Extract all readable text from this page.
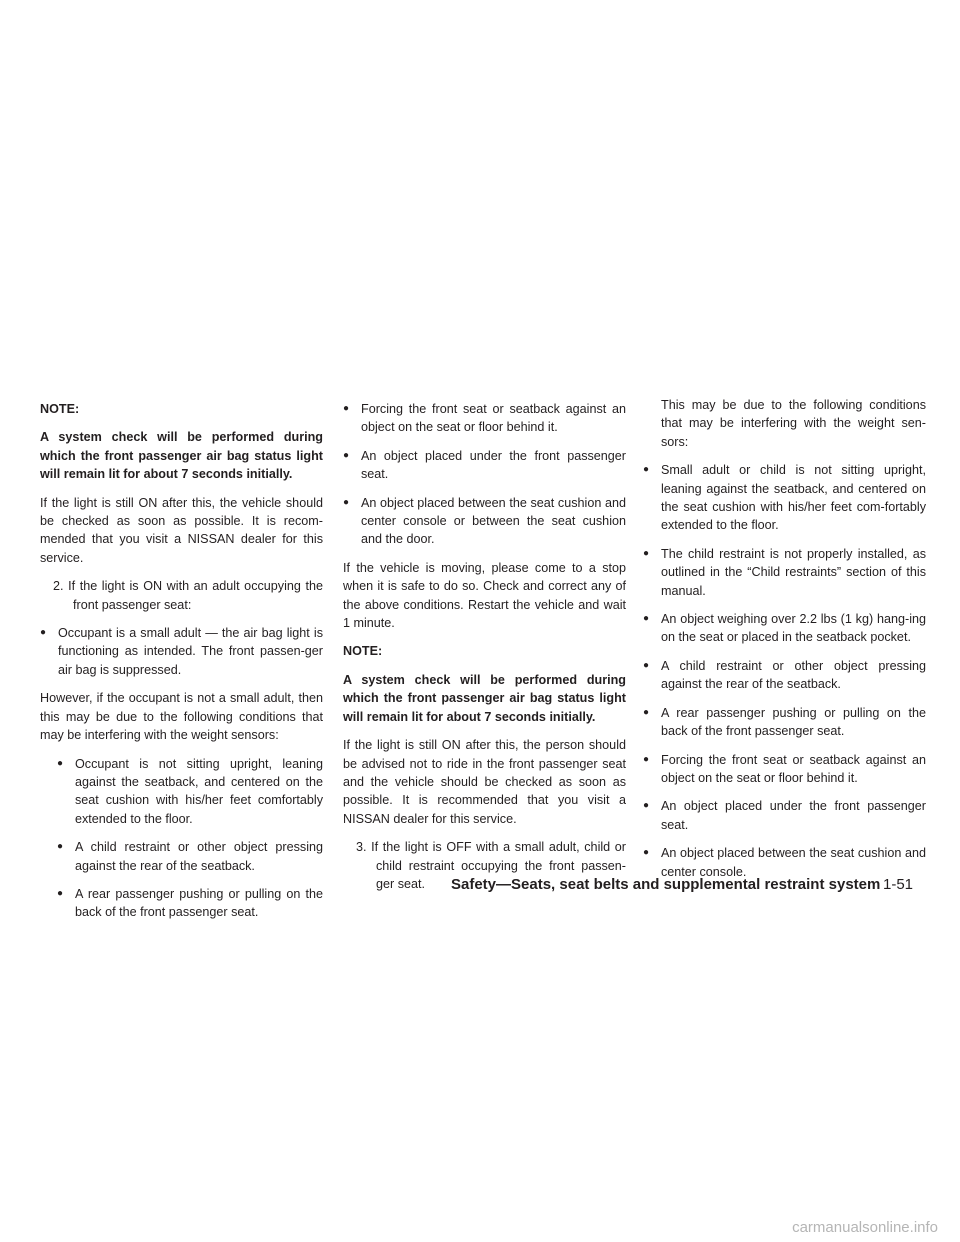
NOTE:

A system check will be performed during which the front passenger air bag status light will remain lit for about 7 seconds initially.

If the light is still ON after this, the vehicle should be checked as soon as possible. It is recom-mended that you visit a NISSAN dealer for this service.

2. If the light is ON with an adult occupying the front passenger seat:

● Occupant is a small adult — the air bag light is functioning as intended. The front passen-ger air bag is suppressed.

However, if the occupant is not a small adult, then this may be due to the following conditions that may be interfering with the weight sensors:

● Occupant is not sitting upright, leaning against the seatback, and centered on the seat cushion with his/her feet comfortably extended to the floor.

● A child restraint or other object pressing against the rear of the seatback.

● A rear passenger pushing or pulling on the back of the front passenger seat.

● Forcing the front seat or seatback against an object on the seat or floor behind it.

● An object placed under the front passenger seat.

● An object placed between the seat cushion and center console or between the seat cushion and the door.

If the vehicle is moving, please come to a stop when it is safe to do so. Check and correct any of the above conditions. Restart the vehicle and wait 1 minute.

NOTE:

A system check will be performed during which the front passenger air bag status light will remain lit for about 7 seconds initially.

If the light is still ON after this, the person should be advised not to ride in the front passenger seat and the vehicle should be checked as soon as possible. It is recommended that you visit a NISSAN dealer for this service.

3. If the light is OFF with a small adult, child or child restraint occupying the front passen-ger seat.

This may be due to the following conditions that may be interfering with the weight sen-sors:

● Small adult or child is not sitting upright, leaning against the seatback, and centered on the seat cushion with his/her feet com-fortably extended to the floor.

● The child restraint is not properly installed, as outlined in the “Child restraints” section of this manual.

● An object weighing over 2.2 lbs (1 kg) hang-ing on the seat or placed in the seatback pocket.

● A child restraint or other object pressing against the rear of the seatback.

● A rear passenger pushing or pulling on the back of the front passenger seat.

● Forcing the front seat or seatback against an object on the seat or floor behind it.

● An object placed under the front passenger seat.

● An object placed between the seat cushion and center console.

Safety—Seats, seat belts and supplemental restraint system 1-51
carmanualsonline.info
